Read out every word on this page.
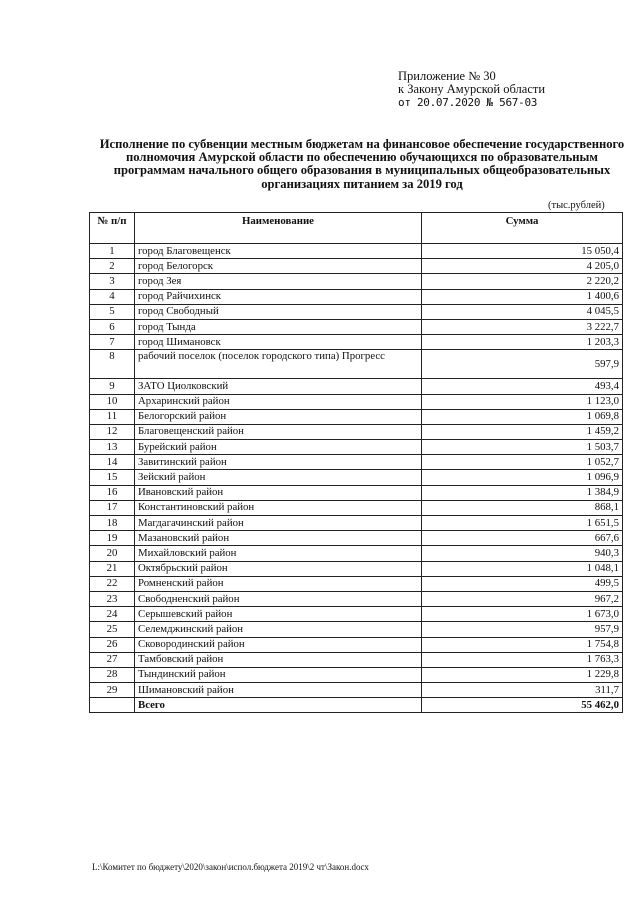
Приложение № 30
к Закону Амурской области
от 20.07.2020 № 567-03
Исполнение по субвенции местным бюджетам на финансовое обеспечение государственного полномочия Амурской области по обеспечению обучающихся по образовательным программам начального общего образования в муниципальных общеобразовательных организациях питанием за 2019 год
(тыс.рублей)
№ п/п	Наименование	Сумма
1	город Благовещенск	15 050,4
2	город Белогорск	4 205,0
3	город Зея	2 220,2
4	город Райчихинск	1 400,6
5	город Свободный	4 045,5
6	город Тында	3 222,7
7	город Шимановск	1 203,3
8	рабочий поселок (поселок городского типа) Прогресс	597,9
9	ЗАТО Циолковский	493,4
10	Архаринский район	1 123,0
11	Белогорский район	1 069,8
12	Благовещенский район	1 459,2
13	Бурейский район	1 503,7
14	Завитинский район	1 052,7
15	Зейский район	1 096,9
16	Ивановский район	1 384,9
17	Константиновский район	868,1
18	Магдагачинский район	1 651,5
19	Мазановский район	667,6
20	Михайловский район	940,3
21	Октябрьский район	1 048,1
22	Ромненский район	499,5
23	Свободненский район	967,2
24	Серышевский район	1 673,0
25	Селемджинский район	957,9
26	Сковородинский район	1 754,8
27	Тамбовский район	1 763,3
28	Тындинский район	1 229,8
29	Шимановский район	311,7
	Всего	55 462,0
L:\Комитет по бюджету\2020\закон\испол.бюджета 2019\2 чт\Закон.docx
